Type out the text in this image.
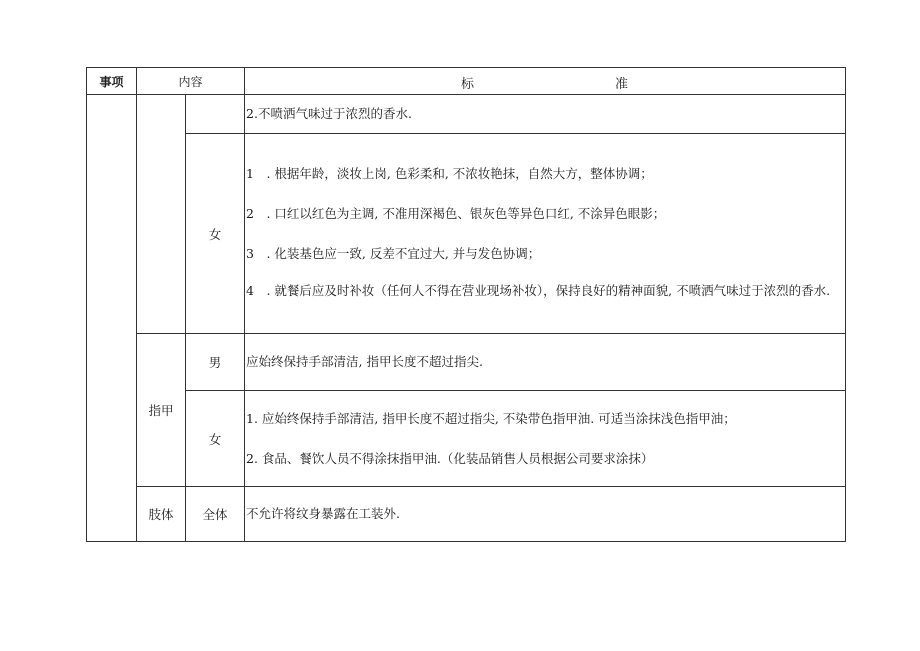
事项	内容		标 准

			2.不喷洒气味过于浓烈的香水.
		女	1　. 根据年龄，淡妆上岗, 色彩柔和, 不浓妆艳抹，自然大方，整体协调；
2　. 口红以红色为主调, 不准用深褐色、银灰色等异色口红, 不涂异色眼影；
3　. 化装基色应一致, 反差不宜过大, 并与发色协调；
4　. 就餐后应及时补妆（任何人不得在营业现场补妆），保持良好的精神面貌, 不喷洒气味过于浓烈的香水.

	指甲	男	应始终保持手部清洁, 指甲长度不超过指尖.
		女	1. 应始终保持手部清洁, 指甲长度不超过指尖, 不染带色指甲油. 可适当涂抹浅色指甲油；
2. 食品、餐饮人员不得涂抹指甲油.（化装品销售人员根据公司要求涂抹）

	肢体	全体	不允许将纹身暴露在工装外.
